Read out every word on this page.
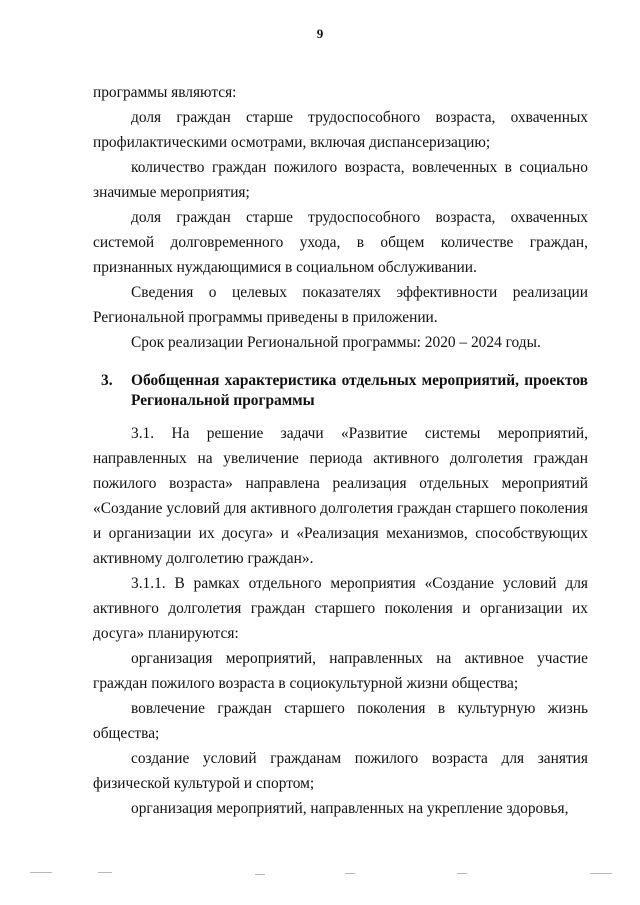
9

программы являются:

доля граждан старше трудоспособного возраста, охваченных профилактическими осмотрами, включая диспансеризацию;

количество граждан пожилого возраста, вовлеченных в социально значимые мероприятия;

доля граждан старше трудоспособного возраста, охваченных системой долговременного ухода, в общем количестве граждан, признанных нуждающимися в социальном обслуживании.

Сведения о целевых показателях эффективности реализации Региональной программы приведены в приложении.

Срок реализации Региональной программы: 2020 – 2024 годы.

3.	Обобщенная характеристика отдельных мероприятий, проектов Региональной программы

3.1. На решение задачи «Развитие системы мероприятий, направленных на увеличение периода активного долголетия граждан пожилого возраста» направлена реализация отдельных мероприятий «Создание условий для активного долголетия граждан старшего поколения и организации их досуга» и «Реализация механизмов, способствующих активному долголетию граждан».

3.1.1. В рамках отдельного мероприятия «Создание условий для активного долголетия граждан старшего поколения и организации их досуга» планируются:

организация мероприятий, направленных на активное участие граждан пожилого возраста в социокультурной жизни общества;

вовлечение граждан старшего поколения в культурную жизнь общества;

создание условий гражданам пожилого возраста для занятия физической культурой и спортом;

организация мероприятий, направленных на укрепление здоровья,
